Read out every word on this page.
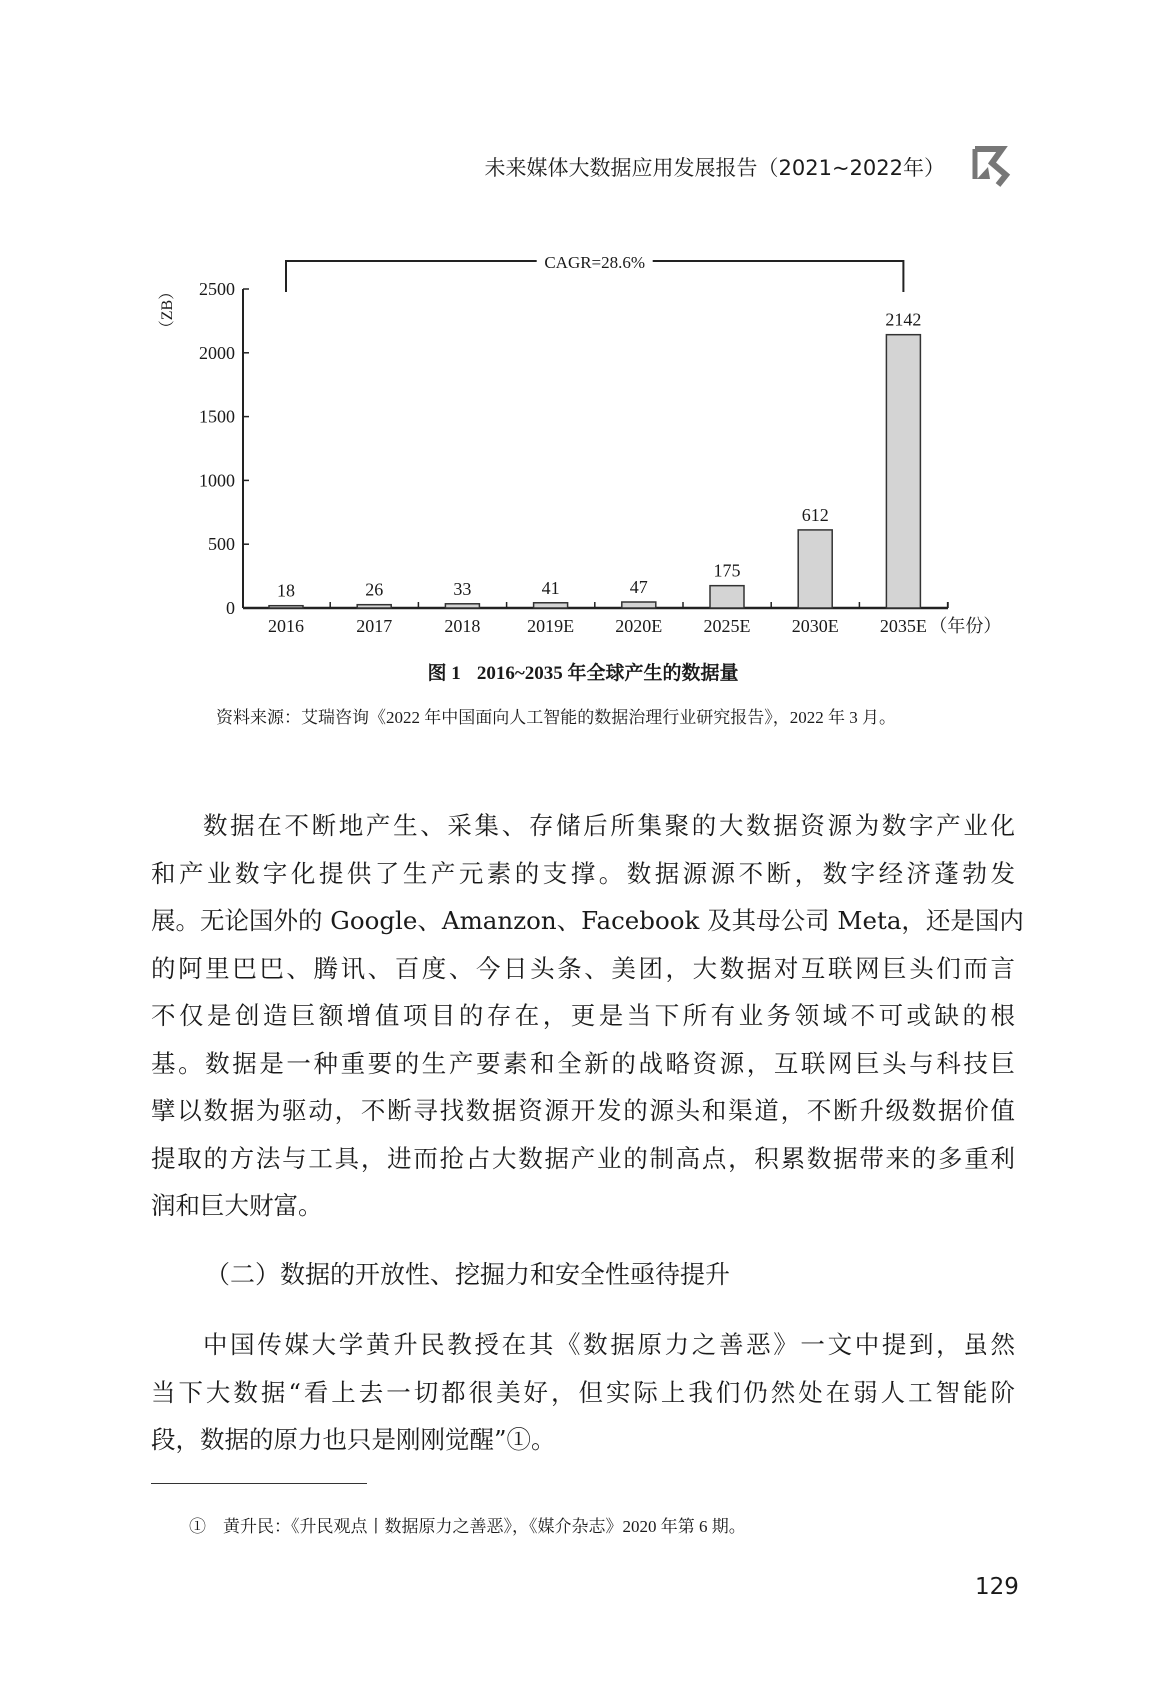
未来媒体大数据应用发展报告（2021~2022年）
0
500
1000
1500
2000
2500
18
2016
26
2017
33
2018
41
2019E
47
2020E
175
2025E
612
2030E
2142
2035E （年份）
（ZB）
CAGR=28.6%
图 1 2016~2035 年全球产生的数据量
资料来源：艾瑞咨询《2022 年中国面向人工智能的数据治理行业研究报告》，2022 年 3 月。
数据在不断地产生、采集、存储后所集聚的大数据资源为数字产业化
和产业数字化提供了生产元素的支撑。数据源源不断，数字经济蓬勃发
展。无论国外的 Google、Amanzon、Facebook 及其母公司 Meta，还是国内
的阿里巴巴、腾讯、百度、今日头条、美团，大数据对互联网巨头们而言
不仅是创造巨额增值项目的存在，更是当下所有业务领域不可或缺的根
基。数据是一种重要的生产要素和全新的战略资源，互联网巨头与科技巨
擘以数据为驱动，不断寻找数据资源开发的源头和渠道，不断升级数据价值
提取的方法与工具，进而抢占大数据产业的制高点，积累数据带来的多重利
润和巨大财富。
（二）数据的开放性、挖掘力和安全性亟待提升
中国传媒大学黄升民教授在其《数据原力之善恶》一文中提到，虽然
当下大数据“看上去一切都很美好，但实际上我们仍然处在弱人工智能阶
段，数据的原力也只是刚刚觉醒”①。
①　黄升民：《升民观点丨数据原力之善恶》，《媒介杂志》2020 年第 6 期。
129
